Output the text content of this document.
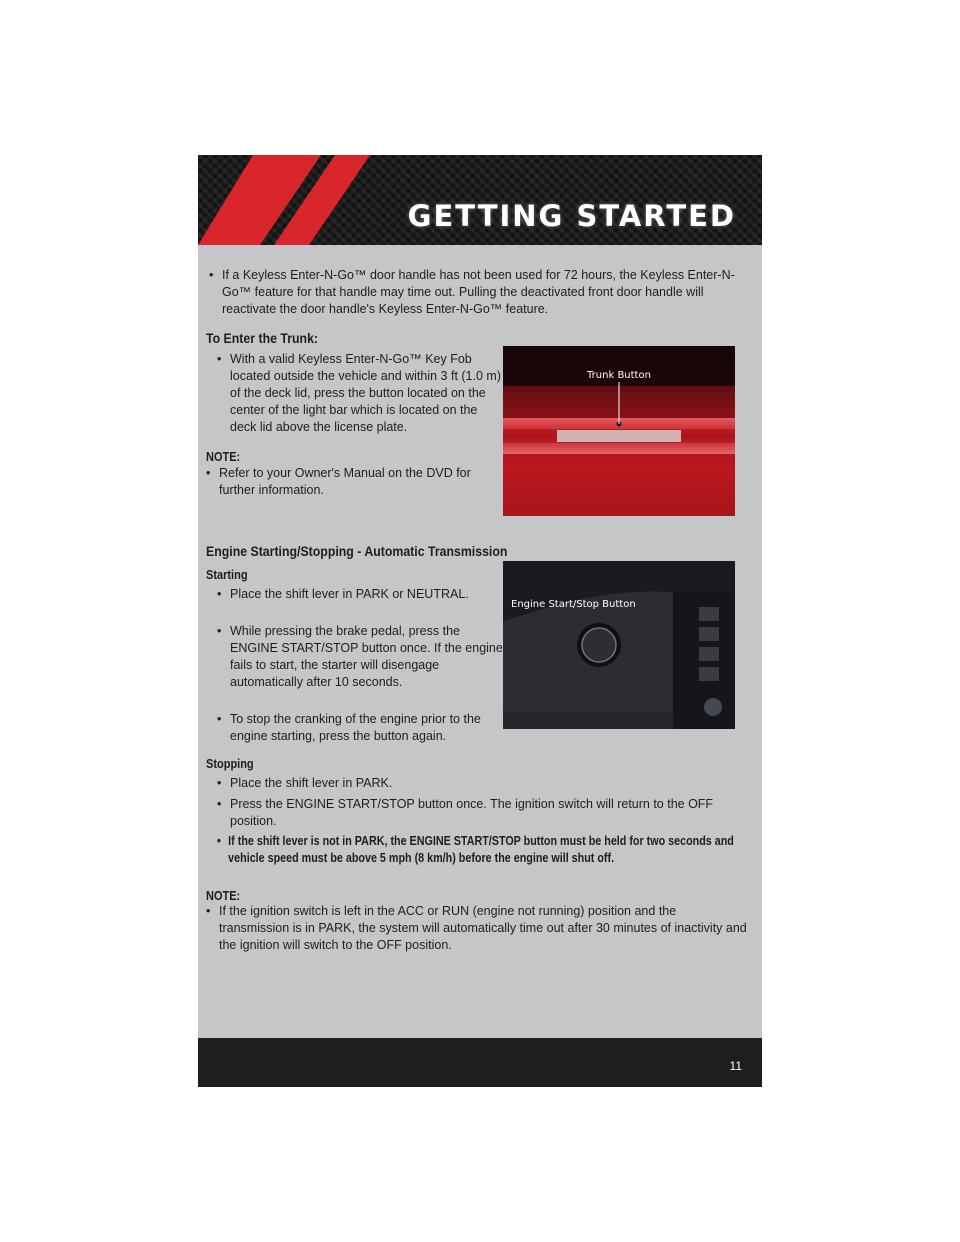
GETTING STARTED
• If a Keyless Enter-N-Go™ door handle has not been used for 72 hours, the Keyless Enter-N-Go™ feature for that handle may time out. Pulling the deactivated front door handle will reactivate the door handle's Keyless Enter-N-Go™ feature.
To Enter the Trunk:
• With a valid Keyless Enter-N-Go™ Key Fob located outside the vehicle and within 3 ft (1.0 m) of the deck lid, press the button located on the center of the light bar which is located on the deck lid above the license plate.
NOTE:
• Refer to your Owner's Manual on the DVD for further information.
Trunk Button
Engine Starting/Stopping - Automatic Transmission
Starting
• Place the shift lever in PARK or NEUTRAL.
• While pressing the brake pedal, press the ENGINE START/STOP button once. If the engine fails to start, the starter will disengage automatically after 10 seconds.
• To stop the cranking of the engine prior to the engine starting, press the button again.
Engine Start/Stop Button
Stopping
• Place the shift lever in PARK.
• Press the ENGINE START/STOP button once. The ignition switch will return to the OFF position.
• If the shift lever is not in PARK, the ENGINE START/STOP button must be held for two seconds and vehicle speed must be above 5 mph (8 km/h) before the engine will shut off.
NOTE:
• If the ignition switch is left in the ACC or RUN (engine not running) position and the transmission is in PARK, the system will automatically time out after 30 minutes of inactivity and the ignition will switch to the OFF position.
11
